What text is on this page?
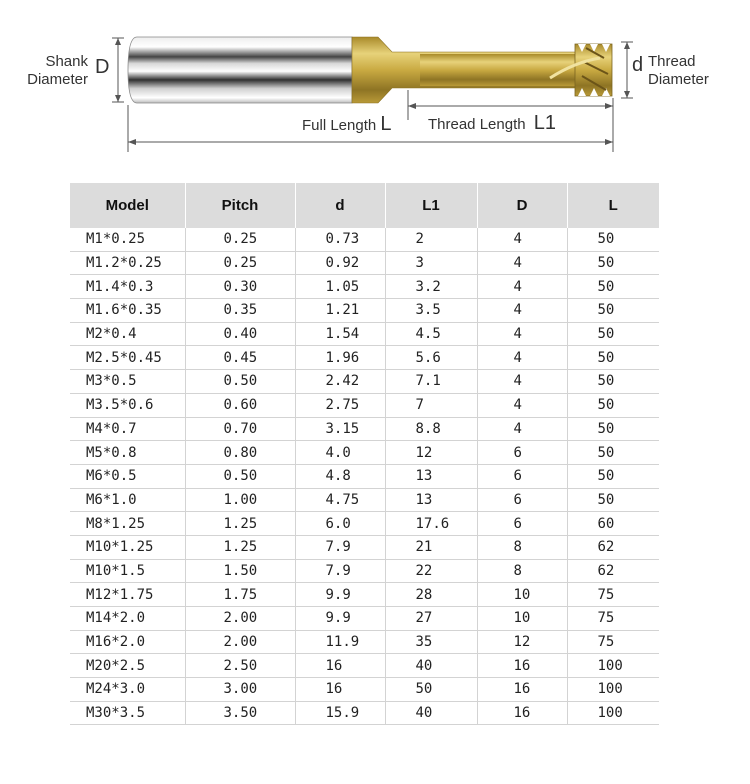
Shank
Diameter
D	d Thread
Diameter
Full Length L Thread Length L1
Model	Pitch	d	L1	D	L
M1*0.25	0.25	0.73	2	4	50
M1.2*0.25	0.25	0.92	3	4	50
M1.4*0.3	0.30	1.05	3.2	4	50
M1.6*0.35	0.35	1.21	3.5	4	50
M2*0.4	0.40	1.54	4.5	4	50
M2.5*0.45	0.45	1.96	5.6	4	50
M3*0.5	0.50	2.42	7.1	4	50
M3.5*0.6	0.60	2.75	7	4	50
M4*0.7	0.70	3.15	8.8	4	50
M5*0.8	0.80	4.0	12	6	50
M6*0.5	0.50	4.8	13	6	50
M6*1.0	1.00	4.75	13	6	50
M8*1.25	1.25	6.0	17.6	6	60
M10*1.25	1.25	7.9	21	8	62
M10*1.5	1.50	7.9	22	8	62
M12*1.75	1.75	9.9	28	10	75
M14*2.0	2.00	9.9	27	10	75
M16*2.0	2.00	11.9	35	12	75
M20*2.5	2.50	16	40	16	100
M24*3.0	3.00	16	50	16	100
M30*3.5	3.50	15.9	40	16	100
